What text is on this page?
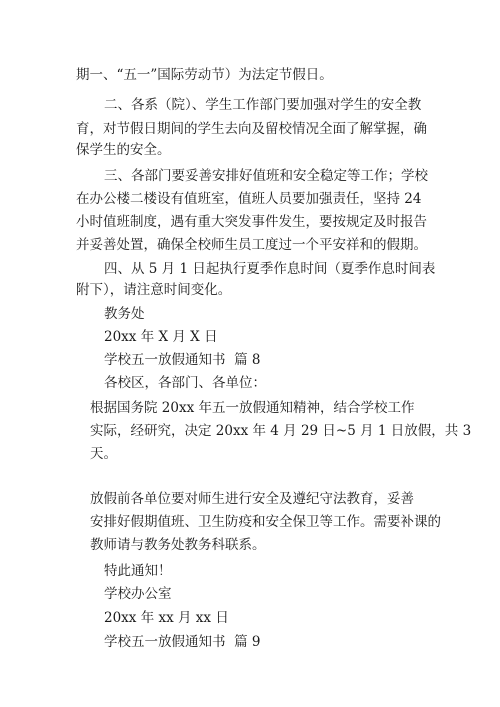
期一、“五一”国际劳动节）为法定节假日。
二、各系（院）、学生工作部门要加强对学生的安全教
育，对节假日期间的学生去向及留校情况全面了解掌握，确
保学生的安全。
三、各部门要妥善安排好值班和安全稳定等工作；学校
在办公楼二楼设有值班室，值班人员要加强责任，坚持 24
小时值班制度，遇有重大突发事件发生，要按规定及时报告
并妥善处置，确保全校师生员工度过一个平安祥和的假期。
四、从 5 月 1 日起执行夏季作息时间（夏季作息时间表
附下），请注意时间变化。
教务处
20xx 年 X 月 X 日
学校五一放假通知书  篇 8
各校区，各部门、各单位：
根据国务院 20xx 年五一放假通知精神，结合学校工作
实际，经研究，决定 20xx 年 4 月 29 日~5 月 1 日放假，共 3
天。
放假前各单位要对师生进行安全及遵纪守法教育，妥善
安排好假期值班、卫生防疫和安全保卫等工作。需要补课的
教师请与教务处教务科联系。
特此通知！
学校办公室
20xx 年 xx 月 xx 日
学校五一放假通知书  篇 9
